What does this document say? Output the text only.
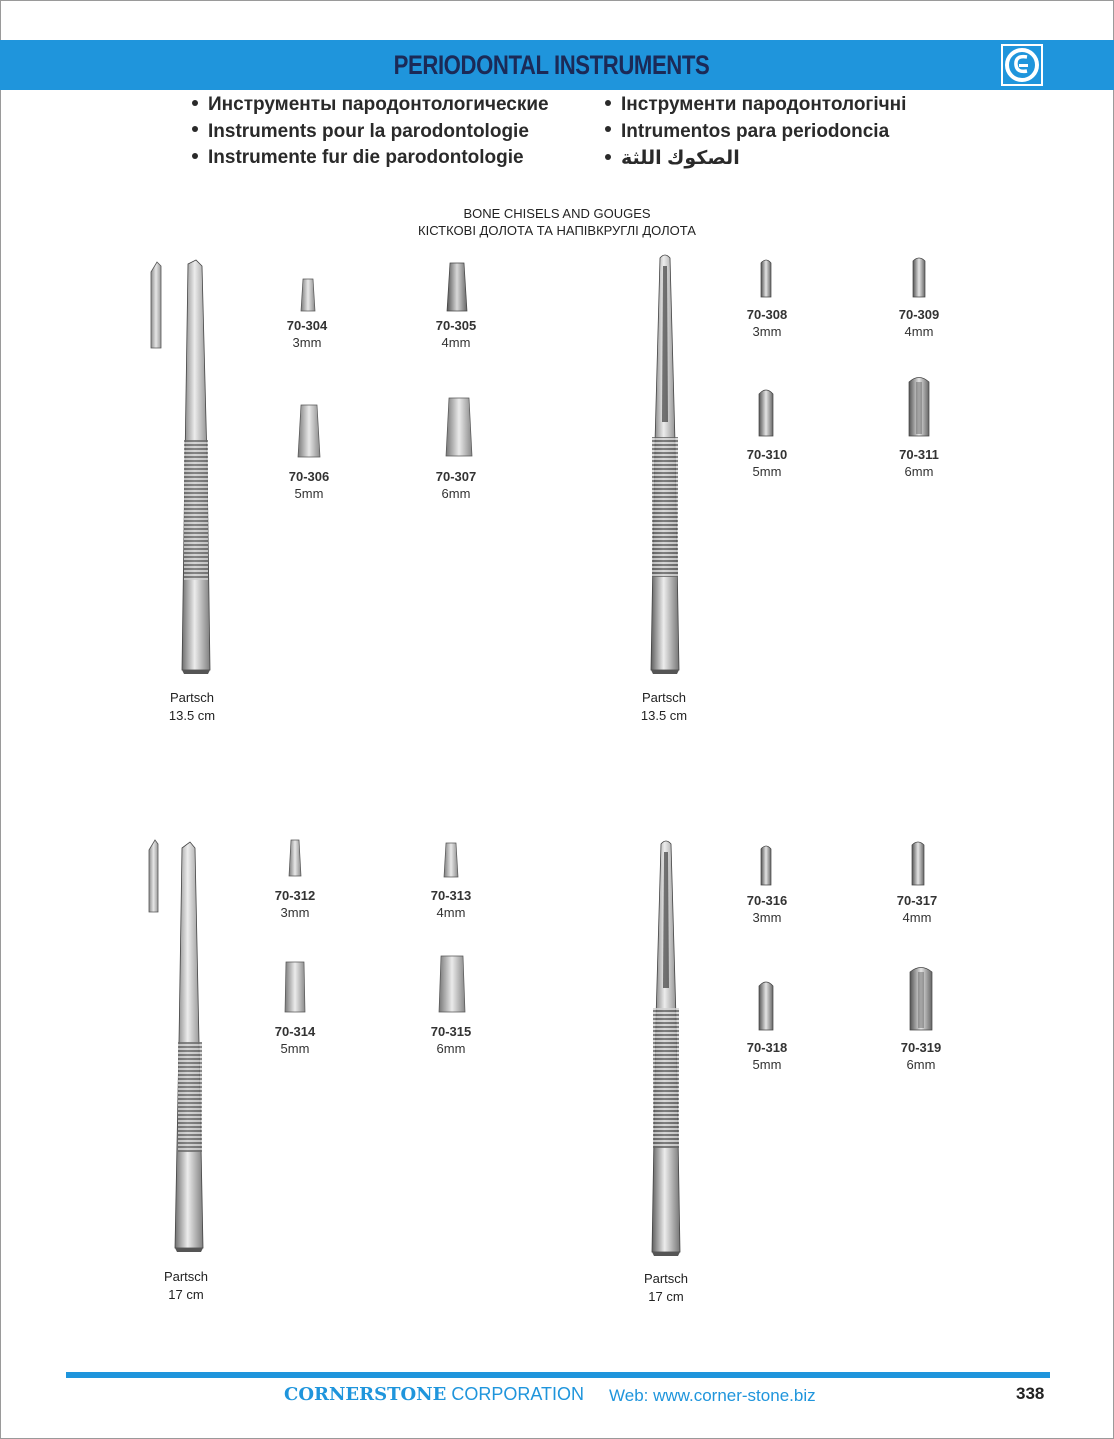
PERIODONTAL INSTRUMENTS
Инструменты пародонтологические
Instruments pour la parodontologie
Instrumente fur die parodontologie
Інструменти пародонтологічні
Intrumentos para periodoncia
الصكوك اللثة
BONE CHISELS AND GOUGES
КІСТКОВІ ДОЛОТА ТА НАПІВКРУГЛІ ДОЛОТА
Partsch
13.5 cm
70-304
3mm
70-305
4mm
70-306
5mm
70-307
6mm
Partsch
13.5 cm
70-308
3mm
70-309
4mm
70-310
5mm
70-311
6mm
Partsch
17 cm
70-312
3mm
70-313
4mm
70-314
5mm
70-315
6mm
Partsch
17 cm
70-316
3mm
70-317
4mm
70-318
5mm
70-319
6mm
CORNERSTONE CORPORATION Web: www.corner-stone.biz	338
